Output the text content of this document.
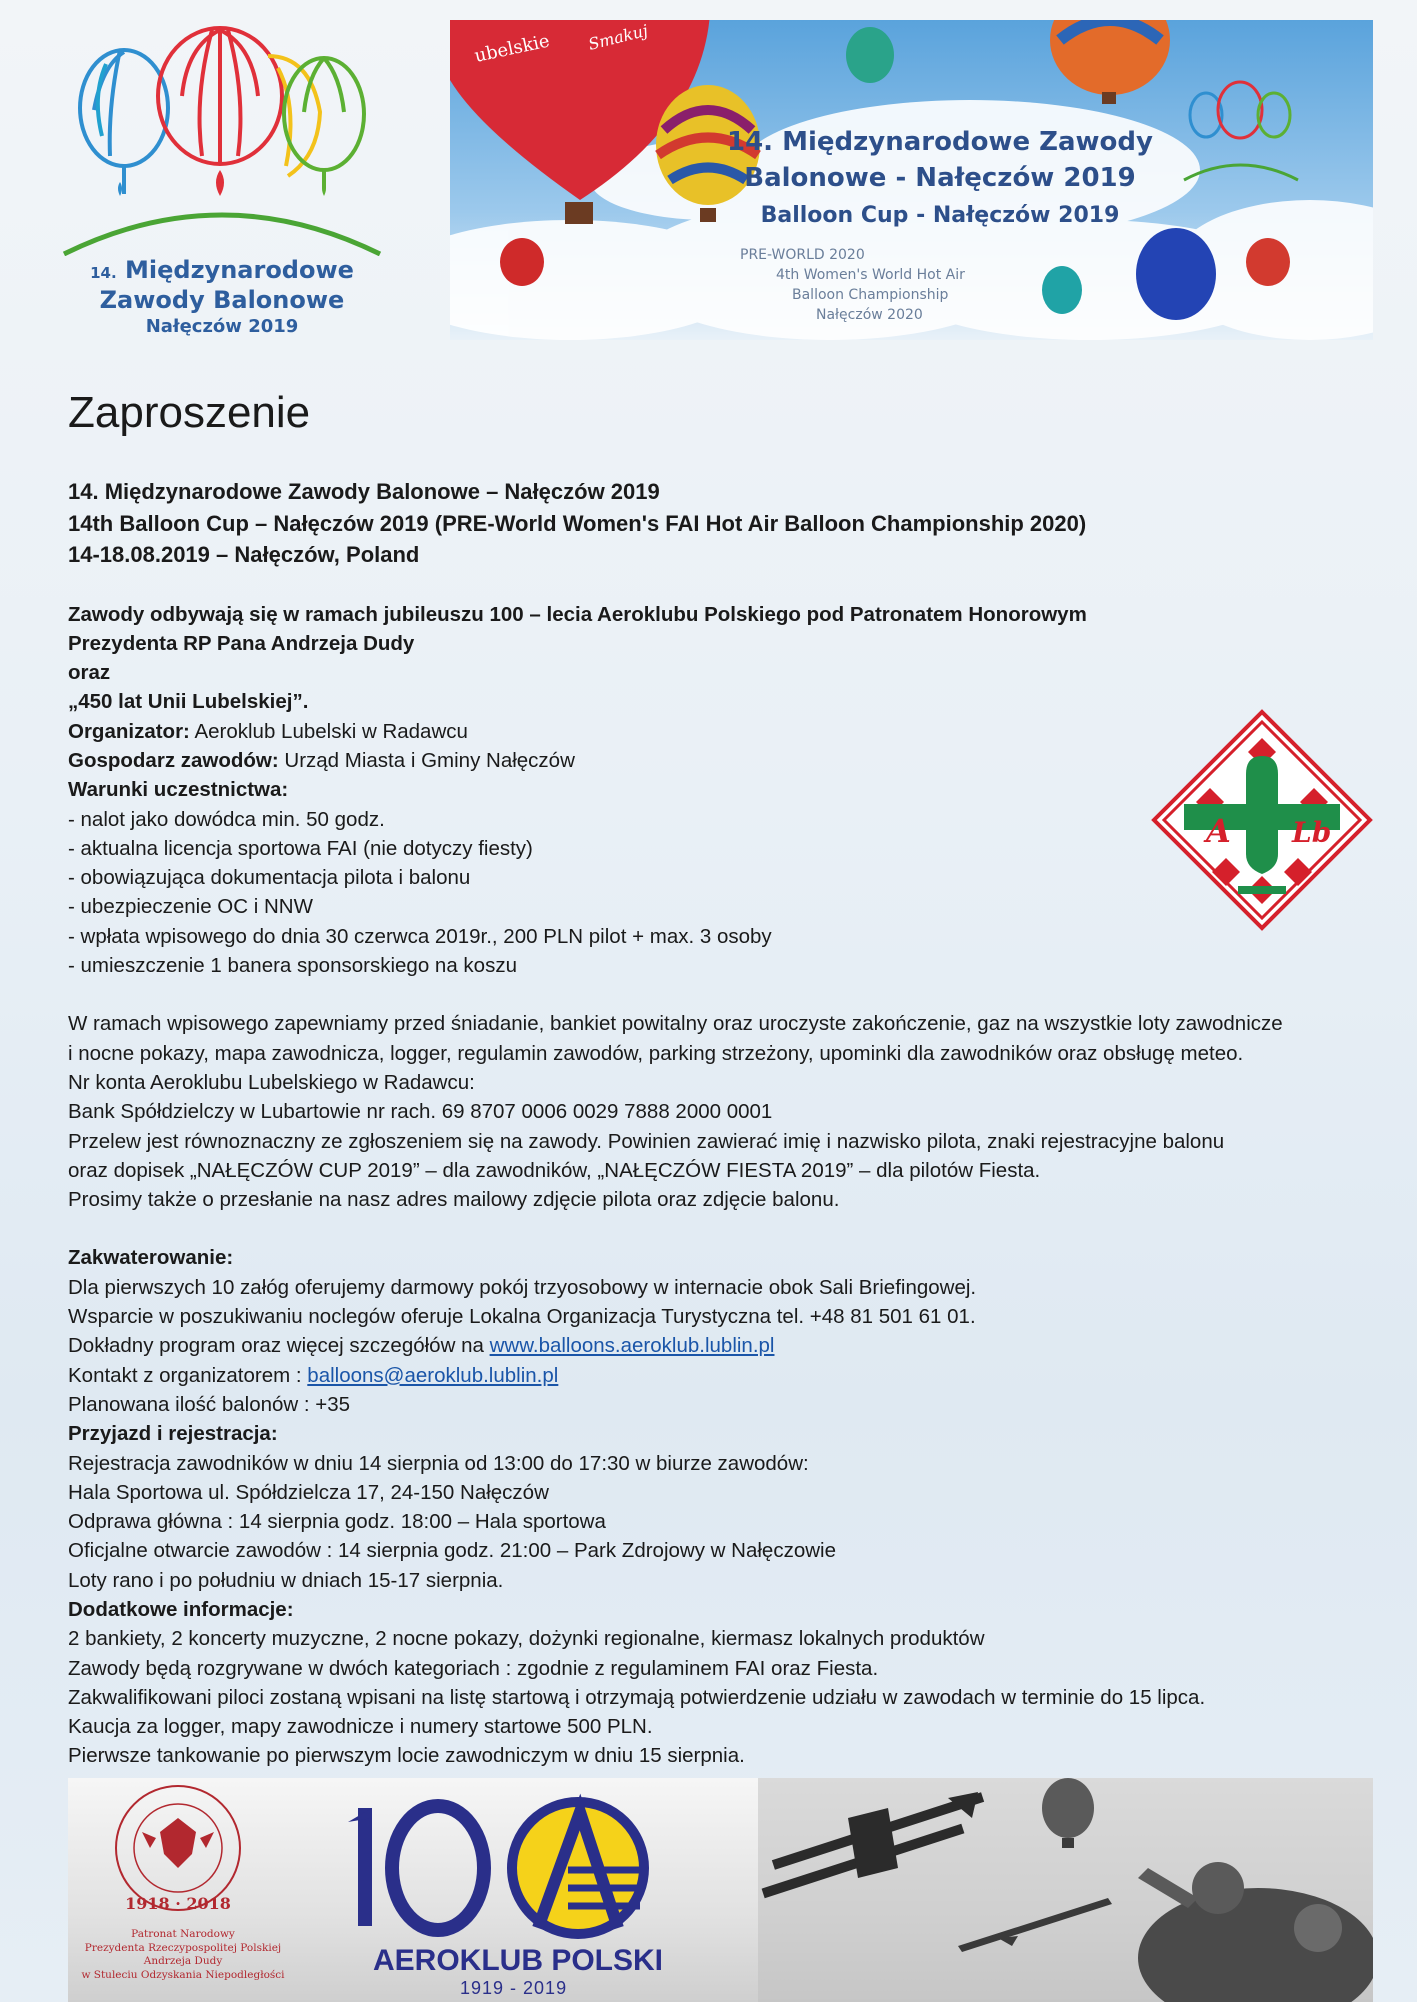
14. Międzynarodowe
Zawody Balonowe
Nałęczów 2019
ubelskie Smakuj
14. Międzynarodowe Zawody
Balonowe - Nałęczów 2019
Balloon Cup - Nałęczów 2019
PRE-WORLD 2020
4th Women's World Hot Air
Balloon Championship
Nałęczów 2020
Zaproszenie
14. Międzynarodowe Zawody Balonowe – Nałęczów 2019
14th Balloon Cup – Nałęczów 2019 (PRE-World Women's FAI Hot Air Balloon Championship 2020)
14-18.08.2019 – Nałęczów, Poland
Zawody odbywają się w ramach jubileuszu 100 – lecia Aeroklubu Polskiego pod Patronatem Honorowym
Prezydenta RP Pana Andrzeja Dudy
oraz
„450 lat Unii Lubelskiej”.
Organizator: Aeroklub Lubelski w Radawcu
Gospodarz zawodów: Urząd Miasta i Gminy Nałęczów
Warunki uczestnictwa:
- nalot jako dowódca min. 50 godz.
- aktualna licencja sportowa FAI (nie dotyczy fiesty)
- obowiązująca dokumentacja pilota i balonu
- ubezpieczenie OC i NNW
- wpłata wpisowego do dnia 30 czerwca 2019r., 200 PLN pilot + max. 3 osoby
- umieszczenie 1 banera sponsorskiego na koszu
W ramach wpisowego zapewniamy przed śniadanie, bankiet powitalny oraz uroczyste zakończenie, gaz na wszystkie loty zawodnicze
i nocne pokazy, mapa zawodnicza, logger, regulamin zawodów, parking strzeżony, upominki dla zawodników oraz obsługę meteo.
Nr konta Aeroklubu Lubelskiego w Radawcu:
Bank Spółdzielczy w Lubartowie nr rach. 69 8707 0006 0029 7888 2000 0001
Przelew jest równoznaczny ze zgłoszeniem się na zawody. Powinien zawierać imię i nazwisko pilota, znaki rejestracyjne balonu
oraz dopisek „NAŁĘCZÓW CUP 2019” – dla zawodników, „NAŁĘCZÓW FIESTA 2019” – dla pilotów Fiesta.
Prosimy także o przesłanie na nasz adres mailowy zdjęcie pilota oraz zdjęcie balonu.
Zakwaterowanie:
Dla pierwszych 10 załóg oferujemy darmowy pokój trzyosobowy w internacie obok Sali Briefingowej.
Wsparcie w poszukiwaniu noclegów oferuje Lokalna Organizacja Turystyczna tel. +48 81 501 61 01.
Dokładny program oraz więcej szczegółów na www.balloons.aeroklub.lublin.pl
Kontakt z organizatorem : balloons@aeroklub.lublin.pl
Planowana ilość balonów : +35
Przyjazd i rejestracja:
Rejestracja zawodników w dniu 14 sierpnia od 13:00 do 17:30 w biurze zawodów:
Hala Sportowa ul. Spółdzielcza 17, 24-150 Nałęczów
Odprawa główna : 14 sierpnia godz. 18:00 – Hala sportowa
Oficjalne otwarcie zawodów : 14 sierpnia godz. 21:00 – Park Zdrojowy w Nałęczowie
Loty rano i po południu w dniach 15-17 sierpnia.
Dodatkowe informacje:
2 bankiety, 2 koncerty muzyczne, 2 nocne pokazy, dożynki regionalne, kiermasz lokalnych produktów
Zawody będą rozgrywane w dwóch kategoriach : zgodnie z regulaminem FAI oraz Fiesta.
Zakwalifikowani piloci zostaną wpisani na listę startową i otrzymają potwierdzenie udziału w zawodach w terminie do 15 lipca.
Kaucja za logger, mapy zawodnicze i numery startowe 500 PLN.
Pierwsze tankowanie po pierwszym locie zawodniczym w dniu 15 sierpnia.
A Lb
1918 · 2018
Patronat Narodowy
Prezydenta Rzeczypospolitej Polskiej
Andrzeja Dudy
w Stuleciu Odzyskania Niepodległości	AEROKLUB POLSKI
1919 - 2019
